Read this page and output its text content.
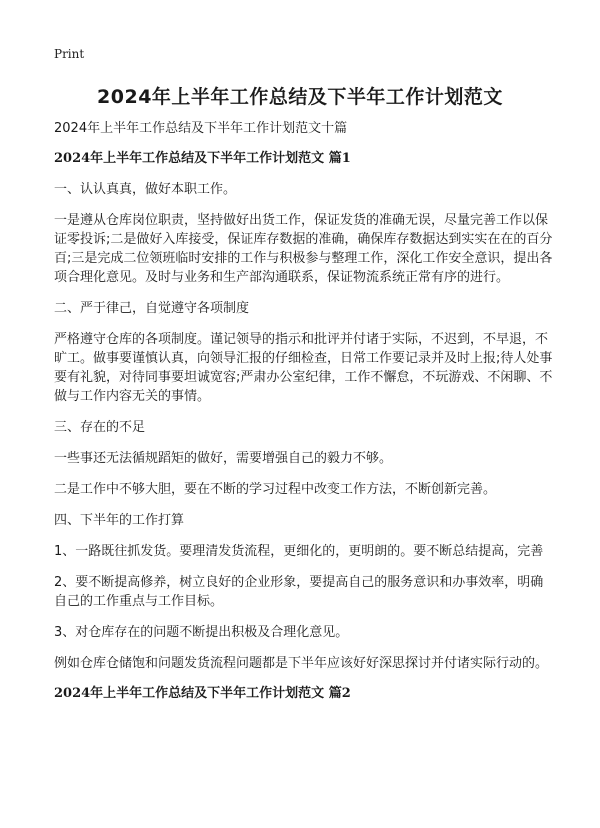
Print
2024年上半年工作总结及下半年工作计划范文

2024年上半年工作总结及下半年工作计划范文十篇

2024年上半年工作总结及下半年工作计划范文 篇1

一、认认真真，做好本职工作。

一是遵从仓库岗位职责，坚持做好出货工作，保证发货的准确无误，尽量完善工作以保证零投诉;二是做好入库接受，保证库存数据的准确，确保库存数据达到实实在在的百分百;三是完成二位领班临时安排的工作与积极参与整理工作，深化工作安全意识，提出各项合理化意见。及时与业务和生产部沟通联系，保证物流系统正常有序的进行。

二、严于律己，自觉遵守各项制度

严格遵守仓库的各项制度。谨记领导的指示和批评并付诸于实际，不迟到，不早退，不旷工。做事要谨慎认真，向领导汇报的仔细检查，日常工作要记录并及时上报;待人处事要有礼貌，对待同事要坦诚宽容;严肃办公室纪律，工作不懈怠，不玩游戏、不闲聊、不做与工作内容无关的事情。

三、存在的不足

一些事还无法循规蹈矩的做好，需要增强自己的毅力不够。

二是工作中不够大胆，要在不断的学习过程中改变工作方法，不断创新完善。

四、下半年的工作打算

1、一路既往抓发货。要理清发货流程，更细化的，更明朗的。要不断总结提高，完善

2、要不断提高修养，树立良好的企业形象，要提高自己的服务意识和办事效率，明确自己的工作重点与工作目标。

3、对仓库存在的问题不断提出积极及合理化意见。

例如仓库仓储饱和问题发货流程问题都是下半年应该好好深思探讨并付诸实际行动的。

2024年上半年工作总结及下半年工作计划范文 篇2
